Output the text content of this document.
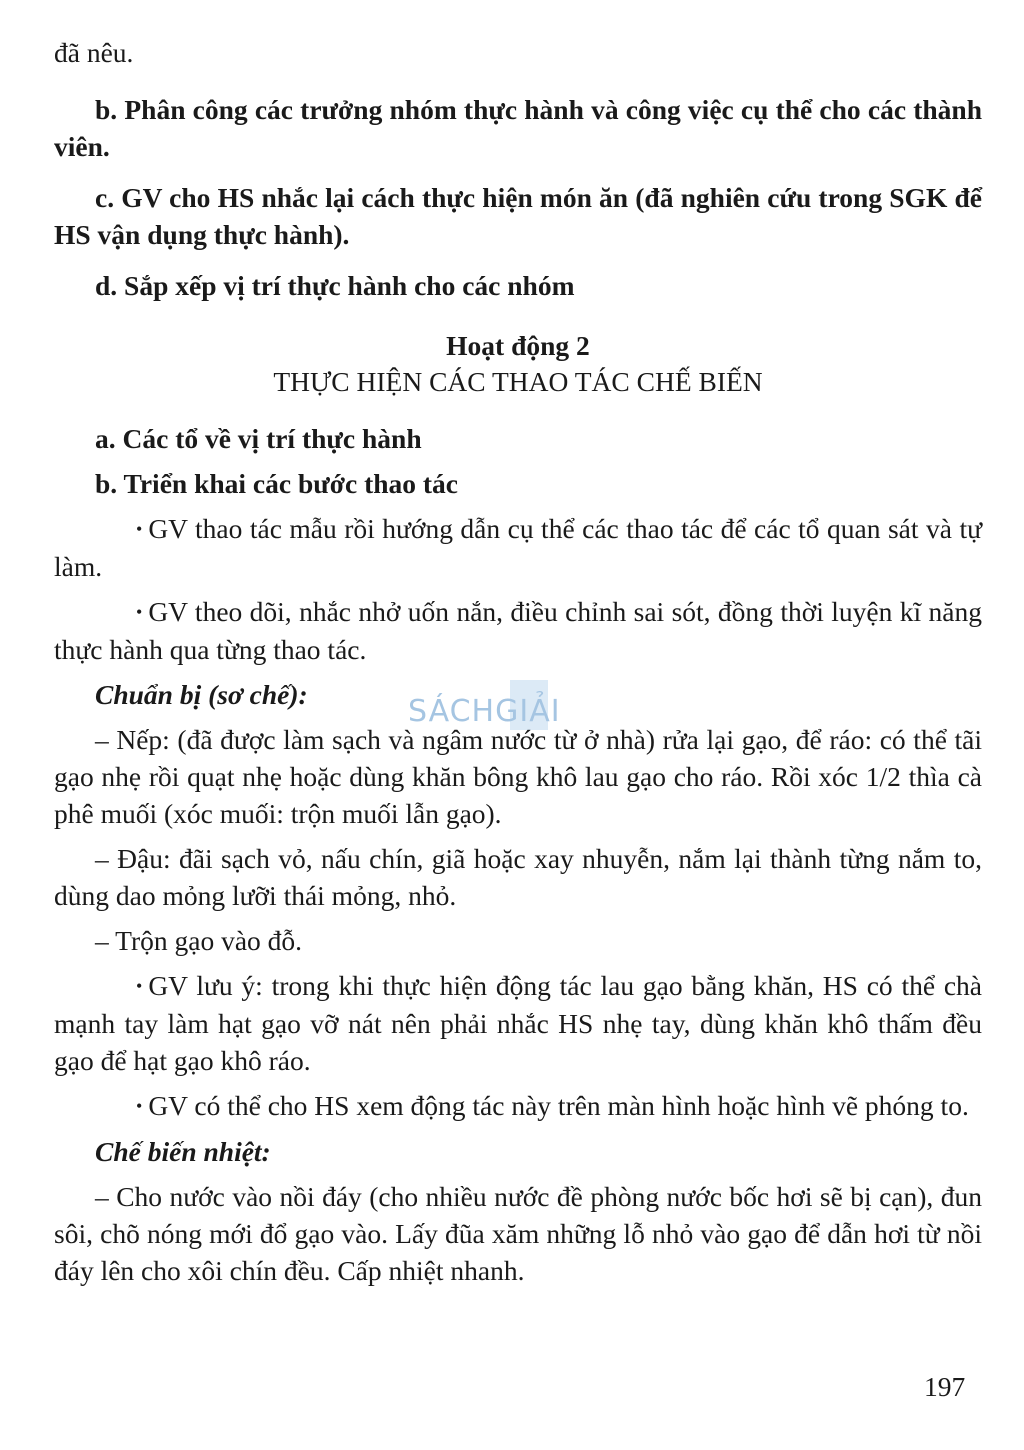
đã nêu.

b. Phân công các trưởng nhóm thực hành và công việc cụ thể cho các thành viên.

c. GV cho HS nhắc lại cách thực hiện món ăn (đã nghiên cứu trong SGK để HS vận dụng thực hành).

d. Sắp xếp vị trí thực hành cho các nhóm

Hoạt động 2

THỰC HIỆN CÁC THAO TÁC CHẾ BIẾN

a. Các tổ về vị trí thực hành

b. Triển khai các bước thao tác

• GV thao tác mẫu rồi hướng dẫn cụ thể các thao tác để các tổ quan sát và tự làm.

• GV theo dõi, nhắc nhở uốn nắn, điều chỉnh sai sót, đồng thời luyện kĩ năng thực hành qua từng thao tác.

Chuẩn bị (sơ chế):

– Nếp: (đã được làm sạch và ngâm nước từ ở nhà) rửa lại gạo, để ráo: có thể tãi gạo nhẹ rồi quạt nhẹ hoặc dùng khăn bông khô lau gạo cho ráo. Rồi xóc 1/2 thìa cà phê muối (xóc muối: trộn muối lẫn gạo).

– Đậu: đãi sạch vỏ, nấu chín, giã hoặc xay nhuyễn, nắm lại thành từng nắm to, dùng dao mỏng lưỡi thái mỏng, nhỏ.

– Trộn gạo vào đỗ.

• GV lưu ý: trong khi thực hiện động tác lau gạo bằng khăn, HS có thể chà mạnh tay làm hạt gạo vỡ nát nên phải nhắc HS nhẹ tay, dùng khăn khô thấm đều gạo để hạt gạo khô ráo.

• GV có thể cho HS xem động tác này trên màn hình hoặc hình vẽ phóng to.

Chế biến nhiệt:

– Cho nước vào nồi đáy (cho nhiều nước đề phòng nước bốc hơi sẽ bị cạn), đun sôi, chõ nóng mới đổ gạo vào. Lấy đũa xăm những lỗ nhỏ vào gạo để dẫn hơi từ nồi đáy lên cho xôi chín đều. Cấp nhiệt nhanh.

SÁCHGIẢI
197
